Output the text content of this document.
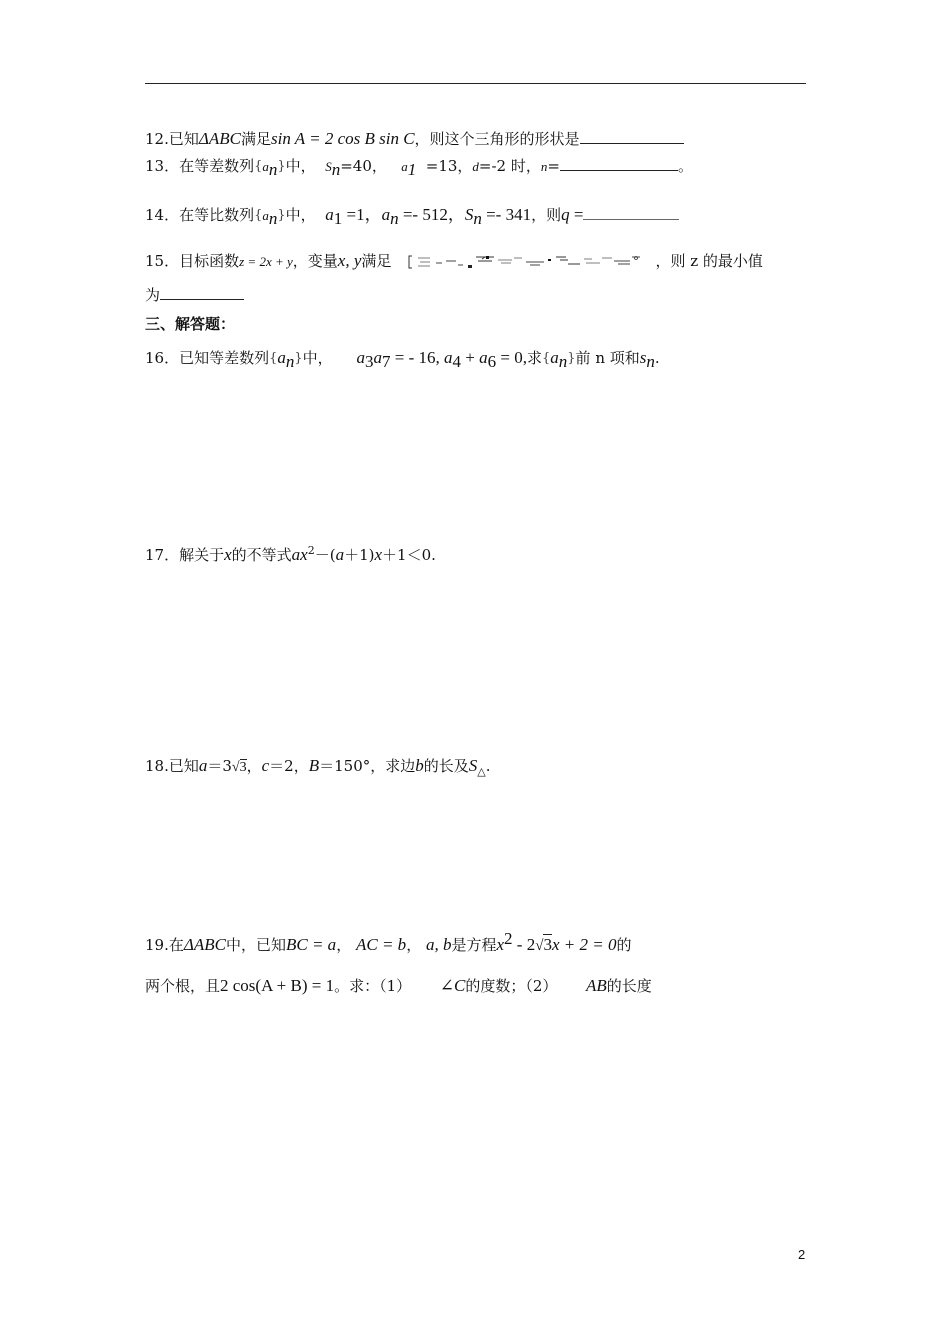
12.已知ΔABC满足sin A = 2 cos B sin C，则这个三角形的形状是
13．在等差数列$\{a_n\}$中， $S_n=40$， $a_1 =13$，d=-2 时，n=	。
14．在等比数列$\{a_n\}$中， $a_1 =1$，$a_n =- 512$，$S_n =- 341$，则q =
15．目标函数z = 2x + y，变量x, y满足	，则 z 的最小值
为
三、解答题：
16．已知等差数列$\{a_n\}$中， $a_3a_7$ = - 16, $a_4 + a_6 = 0$,求$\{a_n\}$前 n 项和$s_n$.
17．解关于x的不等式$ax^2-(a+1)x+1<0$.
18.已知a＝3√3，c＝2，B＝150°，求边b的长及$S_\triangle$.
19.在ΔABC中，已知BC = a， AC = b， a, b是方程$x^2 - 2√3x + 2 = 0$的
两个根，且2 cos(A + B) = 1。求：（1） ∠C的度数；（2） AB的长度
2
